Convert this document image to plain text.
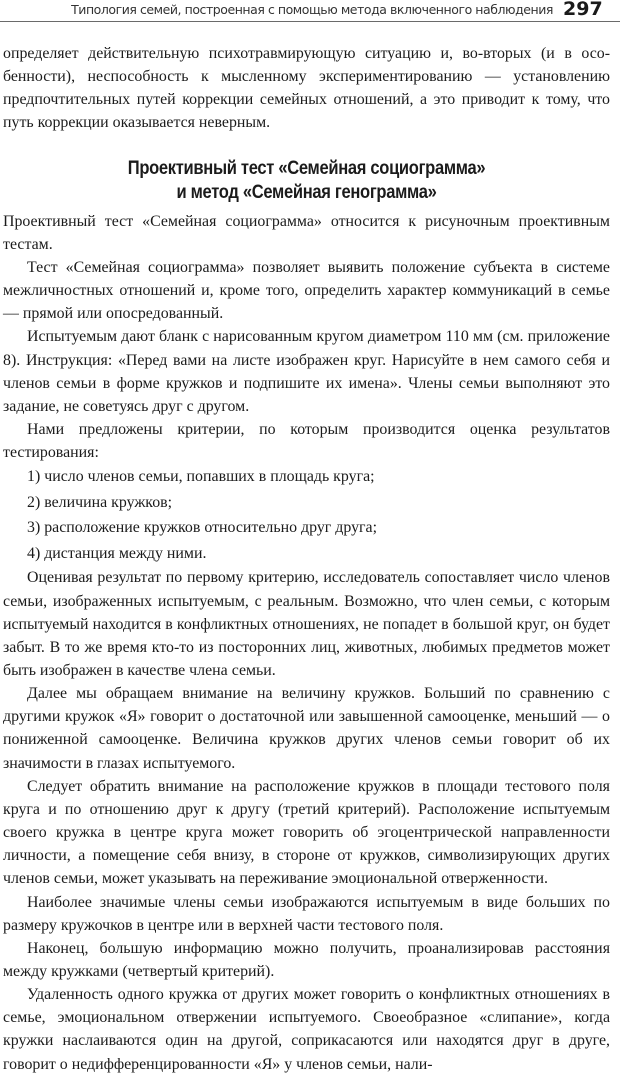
Типология семей, построенная с помощью метода включенного наблюдения 297

определяет действительную психотравмирующую ситуацию и, во-вторых (и в особенности), неспособность к мысленному экспериментированию — установлению предпочтительных путей коррекции семейных отношений, а это приводит к тому, что путь коррекции оказывается неверным.

Проективный тест «Семейная социограмма»
и метод «Семейная генограмма»

Проективный тест «Семейная социограмма» относится к рисуночным проективным тестам.

Тест «Семейная социограмма» позволяет выявить положение субъекта в системе межличностных отношений и, кроме того, определить характер коммуникаций в семье — прямой или опосредованный.

Испытуемым дают бланк с нарисованным кругом диаметром 110 мм (см. приложение 8). Инструкция: «Перед вами на листе изображен круг. Нарисуйте в нем самого себя и членов семьи в форме кружков и подпишите их имена». Члены семьи выполняют это задание, не советуясь друг с другом.

Нами предложены критерии, по которым производится оценка результатов тестирования:

1) число членов семьи, попавших в площадь круга;
2) величина кружков;
3) расположение кружков относительно друг друга;
4) дистанция между ними.

Оценивая результат по первому критерию, исследователь сопоставляет число членов семьи, изображенных испытуемым, с реальным. Возможно, что член семьи, с которым испытуемый находится в конфликтных отношениях, не попадет в большой круг, он будет забыт. В то же время кто-то из посторонних лиц, животных, любимых предметов может быть изображен в качестве члена семьи.

Далее мы обращаем внимание на величину кружков. Больший по сравнению с другими кружок «Я» говорит о достаточной или завышенной самооценке, меньший — о пониженной самооценке. Величина кружков других членов семьи говорит об их значимости в глазах испытуемого.

Следует обратить внимание на расположение кружков в площади тестового поля круга и по отношению друг к другу (третий критерий). Расположение испытуемым своего кружка в центре круга может говорить об эгоцентрической направленности личности, а помещение себя внизу, в стороне от кружков, символизирующих других членов семьи, может указывать на переживание эмоциональной отверженности.

Наиболее значимые члены семьи изображаются испытуемым в виде больших по размеру кружочков в центре или в верхней части тестового поля.

Наконец, большую информацию можно получить, проанализировав расстояния между кружками (четвертый критерий).

Удаленность одного кружка от других может говорить о конфликтных отношениях в семье, эмоциональном отвержении испытуемого. Своеобразное «слипание», когда кружки наслаиваются один на другой, соприкасаются или находятся друг в друге, говорит о недифференцированности «Я» у членов семьи, нали-
